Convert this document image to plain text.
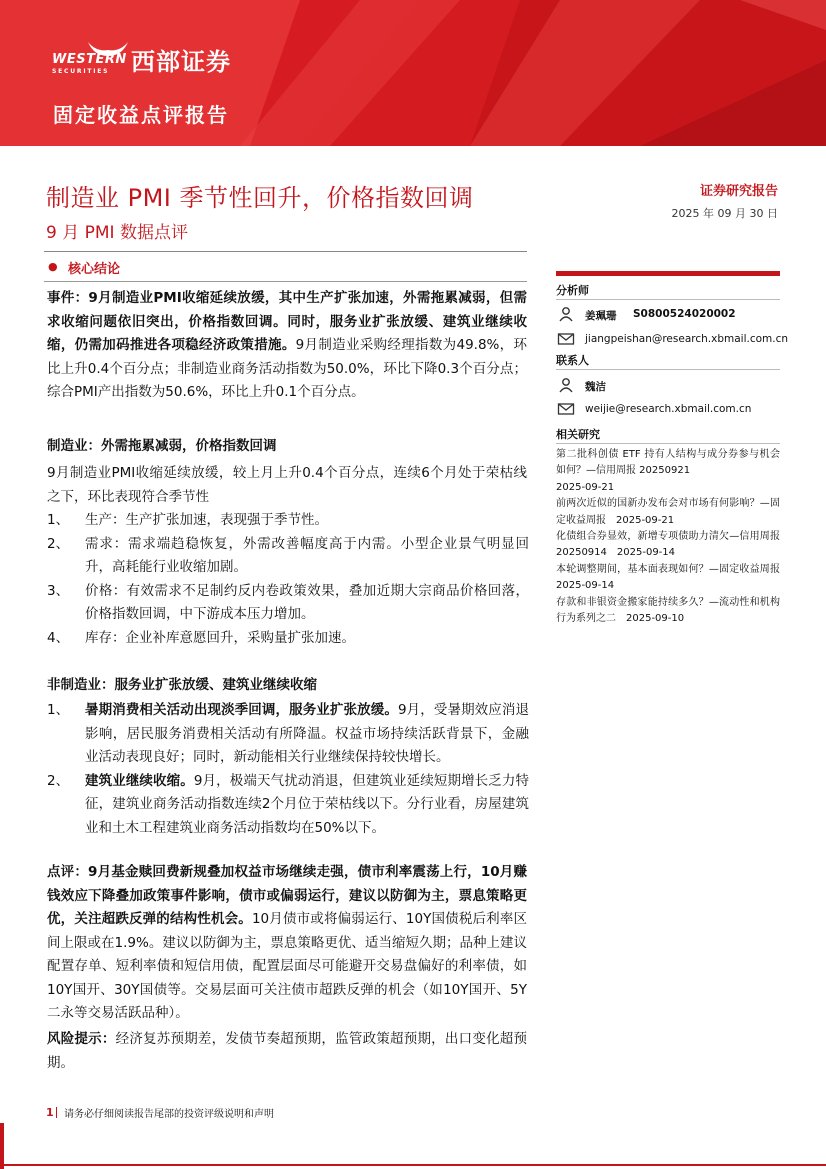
WESTERN
SECURITIES 西部证券
固定收益点评报告
制造业 PMI 季节性回升，价格指数回调
9 月 PMI 数据点评
证券研究报告
2025 年 09 月 30 日
● 核心结论
事件：9月制造业PMI收缩延续放缓，其中生产扩张加速，外需拖累减弱，但需求收缩问题依旧突出，价格指数回调。同时，服务业扩张放缓、建筑业继续收缩，仍需加码推进各项稳经济政策措施。9月制造业采购经理指数为49.8%，环比上升0.4个百分点；非制造业商务活动指数为50.0%，环比下降0.3个百分点；综合PMI产出指数为50.6%，环比上升0.1个百分点。
制造业：外需拖累减弱，价格指数回调
9月制造业PMI收缩延续放缓，较上月上升0.4个百分点，连续6个月处于荣枯线之下，环比表现符合季节性
1、	生产：生产扩张加速，表现强于季节性。
2、	需求：需求端趋稳恢复，外需改善幅度高于内需。小型企业景气明显回升，高耗能行业收缩加剧。
3、	价格：有效需求不足制约反内卷政策效果，叠加近期大宗商品价格回落，价格指数回调，中下游成本压力增加。
4、	库存：企业补库意愿回升，采购量扩张加速。
非制造业：服务业扩张放缓、建筑业继续收缩
1、	暑期消费相关活动出现淡季回调，服务业扩张放缓。9月，受暑期效应消退影响，居民服务消费相关活动有所降温。权益市场持续活跃背景下，金融业活动表现良好；同时，新动能相关行业继续保持较快增长。
2、	建筑业继续收缩。9月，极端天气扰动消退，但建筑业延续短期增长乏力特征，建筑业商务活动指数连续2个月位于荣枯线以下。分行业看，房屋建筑业和土木工程建筑业商务活动指数均在50%以下。
点评：9月基金赎回费新规叠加权益市场继续走强，债市利率震荡上行，10月赚钱效应下降叠加政策事件影响，债市或偏弱运行，建议以防御为主，票息策略更优，关注超跌反弹的结构性机会。10月债市或将偏弱运行、10Y国债税后利率区间上限或在1.9%。建议以防御为主，票息策略更优、适当缩短久期；品种上建议配置存单、短利率债和短信用债，配置层面尽可能避开交易盘偏好的利率债，如10Y国开、30Y国债等。交易层面可关注债市超跌反弹的机会（如10Y国开、5Y二永等交易活跃品种）。
风险提示：经济复苏预期差，发债节奏超预期，监管政策超预期，出口变化超预期。
分析师
姜珮珊 S0800524020002
jiangpeishan@research.xbmail.com.cn
联系人
魏洁
weijie@research.xbmail.com.cn
相关研究
第二批科创债 ETF 持有人结构与成分券参与机会如何？—信用周报 20250921
2025-09-21
前两次近似的国新办发布会对市场有何影响？—固定收益周报　2025-09-21
化债组合券显效，新增专项债助力清欠—信用周报 20250914　2025-09-14
本轮调整期间，基本面表现如何？—固定收益周报　2025-09-14
存款和非银资金搬家能持续多久？—流动性和机构行为系列之二　2025-09-10
1 请务必仔细阅读报告尾部的投资评级说明和声明
